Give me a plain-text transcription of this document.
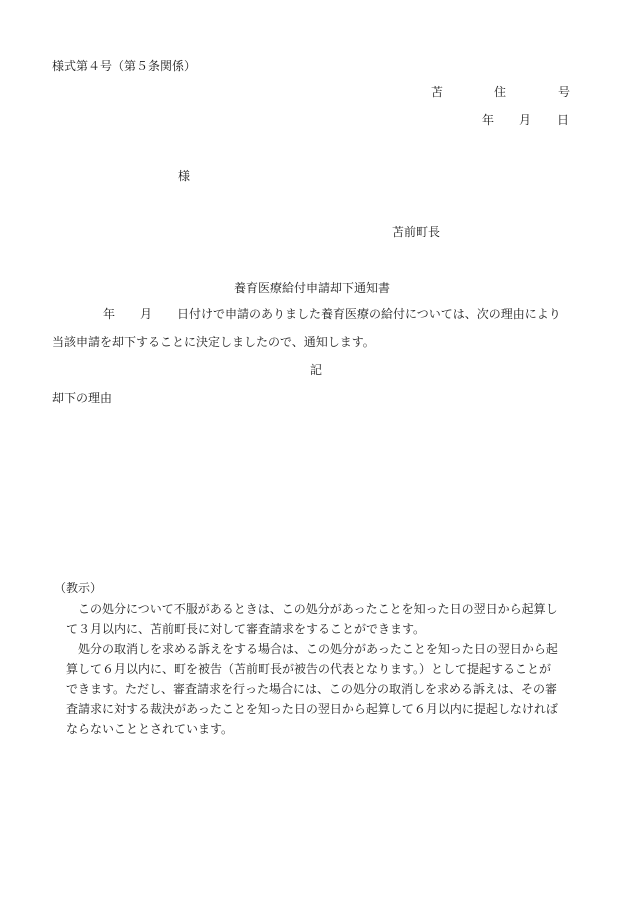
様式第４号（第５条関係）
苫	住	号
年 月 日
様
苫前町長
養育医療給付申請却下通知書
年 月 日付けで申請のありました養育医療の給付については、次の理由により
当該申請を却下することに決定しましたので、通知します。
記
却下の理由
（教示）
この処分について不服があるときは、この処分があったことを知った日の翌日から起算し
て３月以内に、苫前町長に対して審査請求をすることができます。
処分の取消しを求める訴えをする場合は、この処分があったことを知った日の翌日から起
算して６月以内に、町を被告（苫前町長が被告の代表となります。）として提起することが
できます。ただし、審査請求を行った場合には、この処分の取消しを求める訴えは、その審
査請求に対する裁決があったことを知った日の翌日から起算して６月以内に提起しなければ
ならないこととされています。
